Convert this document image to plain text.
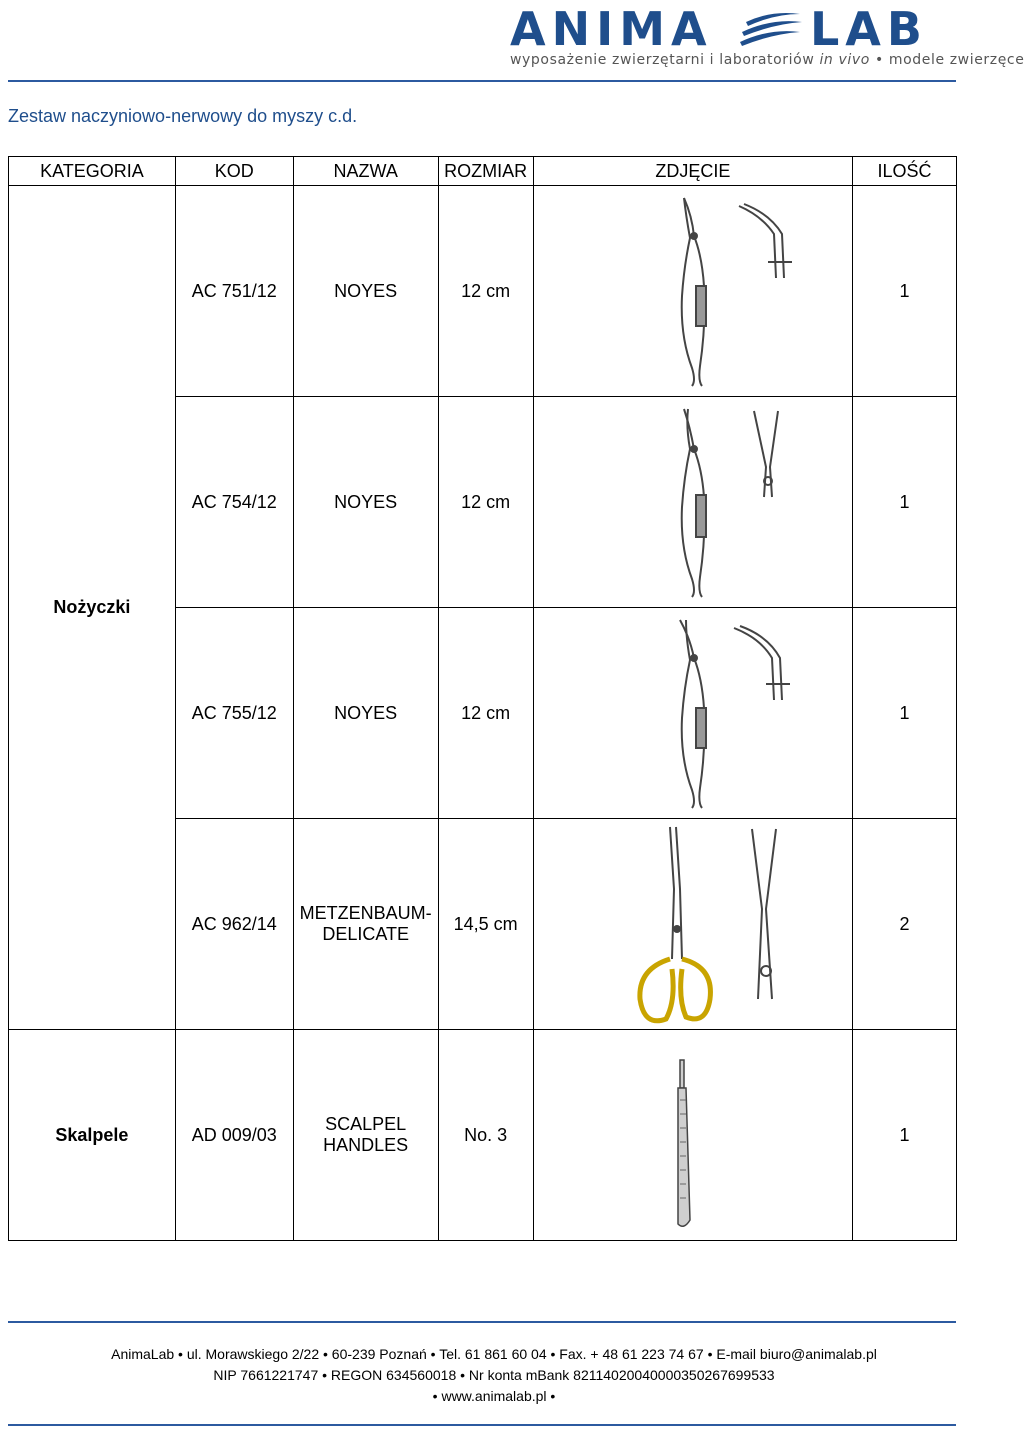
ANIMA LAB
wyposażenie zwierzętarni i laboratoriów in vivo • modele zwierzęce
Zestaw naczyniowo-nerwowy do myszy c.d.
KATEGORIA	KOD	NAZWA	ROZMIAR	ZDJĘCIE	ILOŚĆ
Nożyczki	AC 751/12	NOYES	12 cm		1
	AC 754/12	NOYES	12 cm		1
	AC 755/12	NOYES	12 cm		1
	AC 962/14	METZENBAUM-
DELICATE	14,5 cm		2
Skalpele	AD 009/03	SCALPEL
HANDLES	No. 3		1
AnimaLab • ul. Morawskiego 2/22 • 60-239 Poznań • Tel. 61 861 60 04 • Fax. + 48 61 223 74 67 • E-mail biuro@animalab.pl
NIP 7661221747 • REGON 634560018 • Nr konta mBank 82114020040000350267699533
• www.animalab.pl •
